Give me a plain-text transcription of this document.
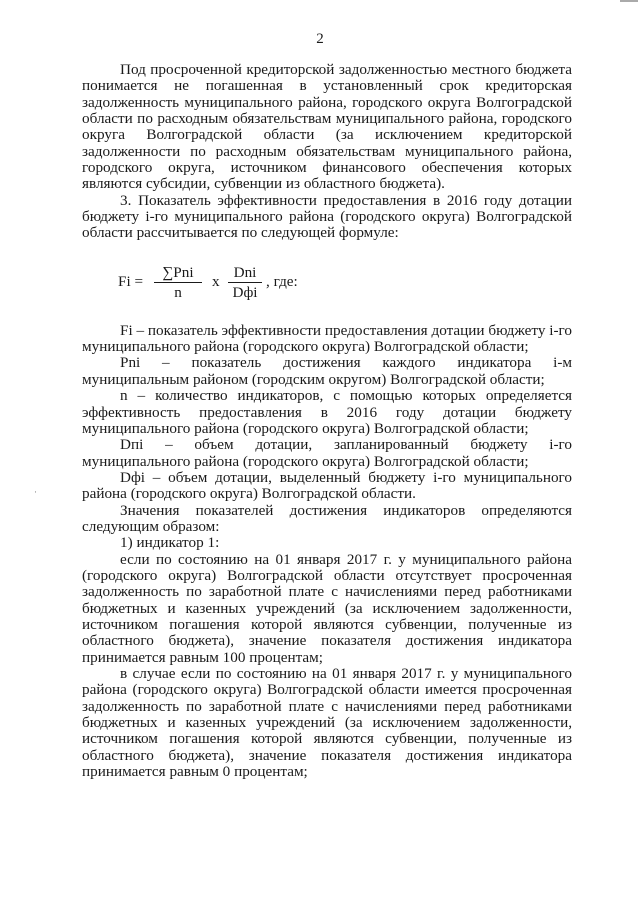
2
·

Под просроченной кредиторской задолженностью местного бюджета понимается не погашенная в установленный срок кредиторская задолженность муниципального района, городского округа Волгоградской области по расходным обязательствам муниципального района, городского округа Волгоградской области (за исключением кредиторской задолженности по расходным обязательствам муниципального района, городского округа, источником финансового обеспечения которых являются субсидии, субвенции из областного бюджета).

3. Показатель эффективности предоставления в 2016 году дотации бюджету i-го муниципального района (городского округа) Волгоградской области рассчитывается по следующей формуле:

Fi =
∑Pni
n
x
Dni
Dфi
, где:

Fi – показатель эффективности предоставления дотации бюджету i-го муниципального района (городского округа) Волгоградской области;

Pni – показатель достижения каждого индикатора i-м муниципальным районом (городским округом) Волгоградской области;

n – количество индикаторов, с помощью которых определяется эффективность предоставления в 2016 году дотации бюджету муниципального района (городского округа) Волгоградской области;

Dпi – объем дотации, запланированный бюджету i-го муниципального района (городского округа) Волгоградской области;

Dфi – объем дотации, выделенный бюджету i-го муниципального района (городского округа) Волгоградской области.

Значения показателей достижения индикаторов определяются следующим образом:

1) индикатор 1:

если по состоянию на 01 января 2017 г. у муниципального района (городского округа) Волгоградской области отсутствует просроченная задолженность по заработной плате с начислениями перед работниками бюджетных и казенных учреждений (за исключением задолженности, источником погашения которой являются субвенции, полученные из областного бюджета), значение показателя достижения индикатора принимается равным 100 процентам;

в случае если по состоянию на 01 января 2017 г. у муниципального района (городского округа) Волгоградской области имеется просроченная задолженность по заработной плате с начислениями перед работниками бюджетных и казенных учреждений (за исключением задолженности, источником погашения которой являются субвенции, полученные из областного бюджета), значение показателя достижения индикатора принимается равным 0 процентам;
